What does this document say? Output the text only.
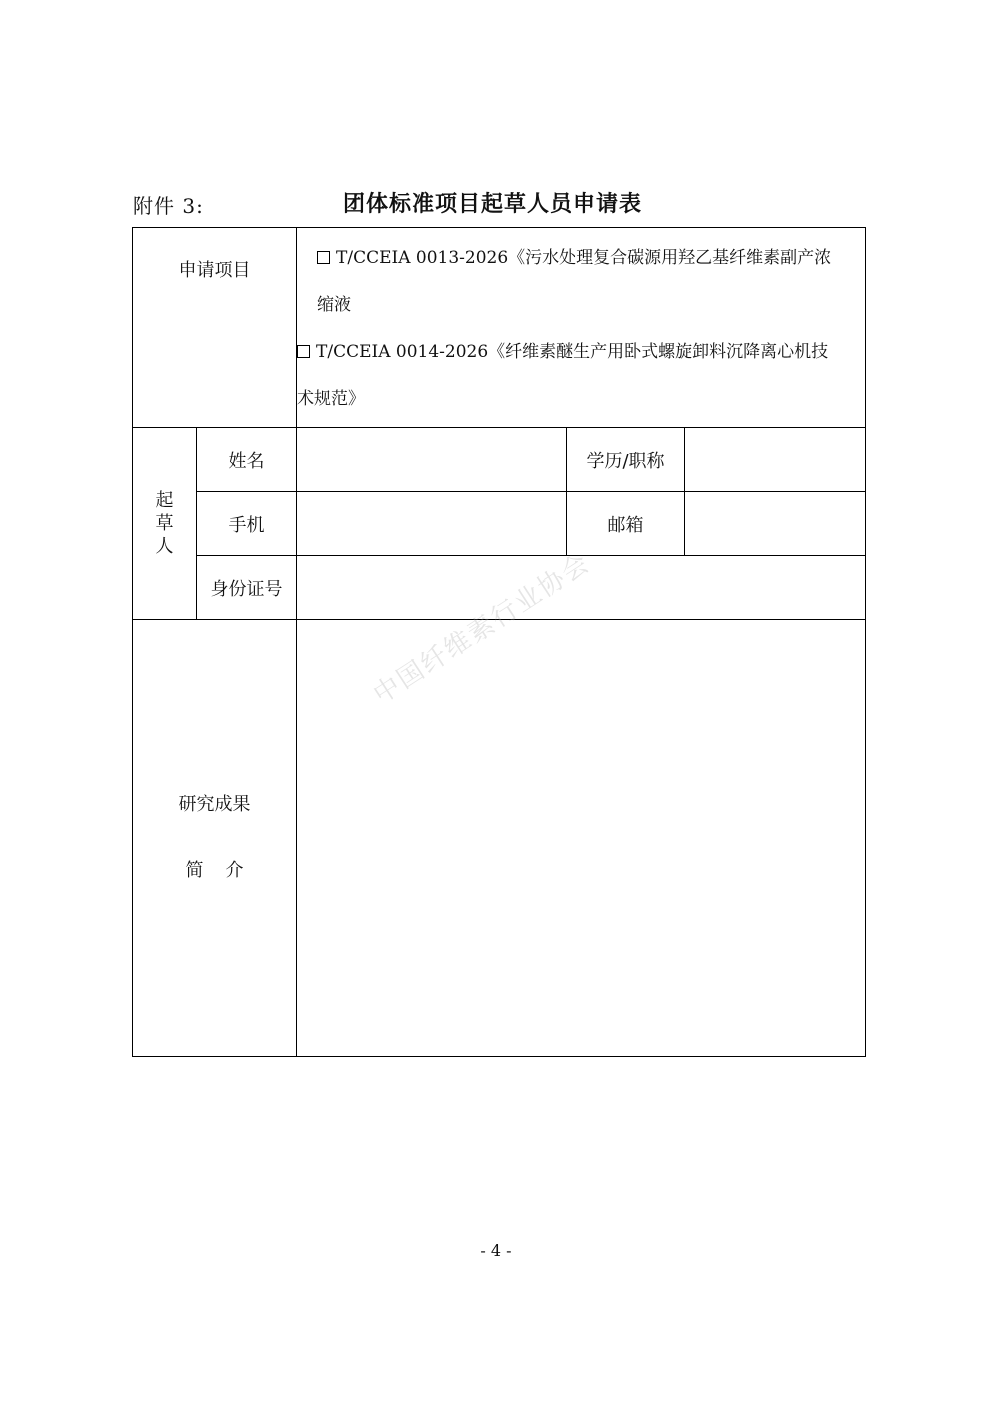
附件 3:	团体标准项目起草人员申请表
申请项目		T/CCEIA 0013-2026《污水处理复合碳源用羟乙基纤维素副产浓
缩液
T/CCEIA 0014-2026《纤维素醚生产用卧式螺旋卸料沉降离心机技
术规范》		

起
草
人	姓名		学历/职称	
	手机		邮箱	
	身份证号			

研究成果
简介				

中国纤维素行业协会
- 4 -
